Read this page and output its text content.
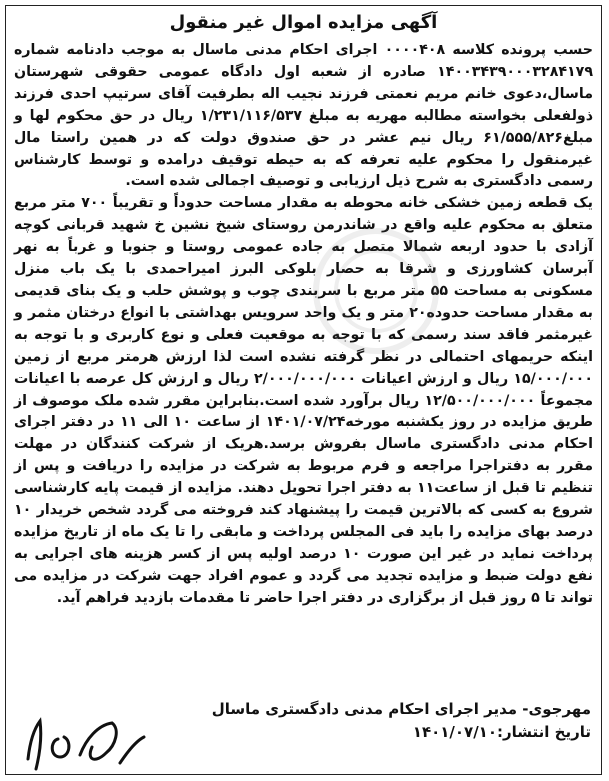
آگهی مزایده اموال غیر منقول

حسب پرونده کلاسه ۰۰۰۰۴۰۸ اجرای احکام مدنی ماسال به موجب دادنامه شماره ۱۴۰۰۳۴۳۹۰۰۰۳۲۸۴۱۷۹ صادره از شعبه اول دادگاه عمومی حقوقی شهرستان ماسال،دعوی خانم مریم نعمتی فرزند نجیب اله بطرفیت آقای سرتیپ احدی فرزند ذولفعلی بخواسته مطالبه مهریه به مبلغ ۱/۲۳۱/۱۱۶/۵۳۷ ریال در حق محکوم لها و مبلغ۶۱/۵۵۵/۸۲۶ ریال نیم عشر در حق صندوق دولت که در همین راستا مال غیرمنقول را محکوم علیه تعرفه که به حیطه توقیف درامده و توسط کارشناس رسمی دادگستری به شرح ذیل ارزیابی و توصیف اجمالی شده است.

یک قطعه زمین خشکی خانه محوطه به مقدار مساحت حدوداً و تقریباً ۷۰۰ متر مربع متعلق به محکوم علیه واقع در شاندرمن روستای شیخ نشین خ شهید قربانی کوچه آزادی با حدود اربعه شمالا متصل به جاده عمومی روستا و جنوبا و غرباً به نهر آبرسان کشاورزی و شرقا به حصار بلوکی البرز امیراحمدی با یک باب منزل مسکونی به مساحت ۵۵ متر مربع با سربندی چوب و پوشش حلب و یک بنای قدیمی به مقدار مساحت حدوده۲۰ متر و یک واحد سرویس بهداشتی با انواع درختان مثمر و غیرمثمر فاقد سند رسمی که با توجه به موقعیت فعلی و نوع کاربری و با توجه به اینکه حریمهای احتمالی در نظر گرفته نشده است لذا ارزش هرمتر مربع از زمین ۱۵/۰۰۰/۰۰۰ ریال و ارزش اعیانات ۲/۰۰۰/۰۰۰/۰۰۰ ریال و ارزش کل عرصه با اعیانات مجموعاً ۱۲/۵۰۰/۰۰۰/۰۰۰ ریال برآورد شده است.بنابراین مقرر شده ملک موصوف از طریق مزایده در روز یکشنبه مورخه۱۴۰۱/۰۷/۲۴ از ساعت ۱۰ الی ۱۱ در دفتر اجرای احکام مدنی دادگستری ماسال بفروش برسد.هریک از شرکت کنندگان در مهلت مقرر به دفتراجرا مراجعه و فرم مربوط به شرکت در مزایده را دریافت و پس از تنظیم تا قبل از ساعت۱۱ به دفتر اجرا تحویل دهند. مزایده از قیمت پایه کارشناسی شروع به کسی که بالاترین قیمت را پیشنهاد کند فروخته می گردد شخص خریدار ۱۰ درصد بهای مزایده را باید فی المجلس پرداخت و مابقی را تا یک ماه از تاریخ مزایده پرداخت نماید در غیر این صورت ۱۰ درصد اولیه پس از کسر هزینه های اجرایی به نفع دولت ضبط و مزایده تجدید می گردد و عموم افراد جهت شرکت در مزایده می تواند تا ۵ روز قبل از برگزاری در دفتر اجرا حاضر تا مقدمات بازدید فراهم آید.

مهرجوی- مدیر اجرای احکام مدنی دادگستری ماسال
تاریخ انتشار:۱۴۰۱/۰۷/۱۰
